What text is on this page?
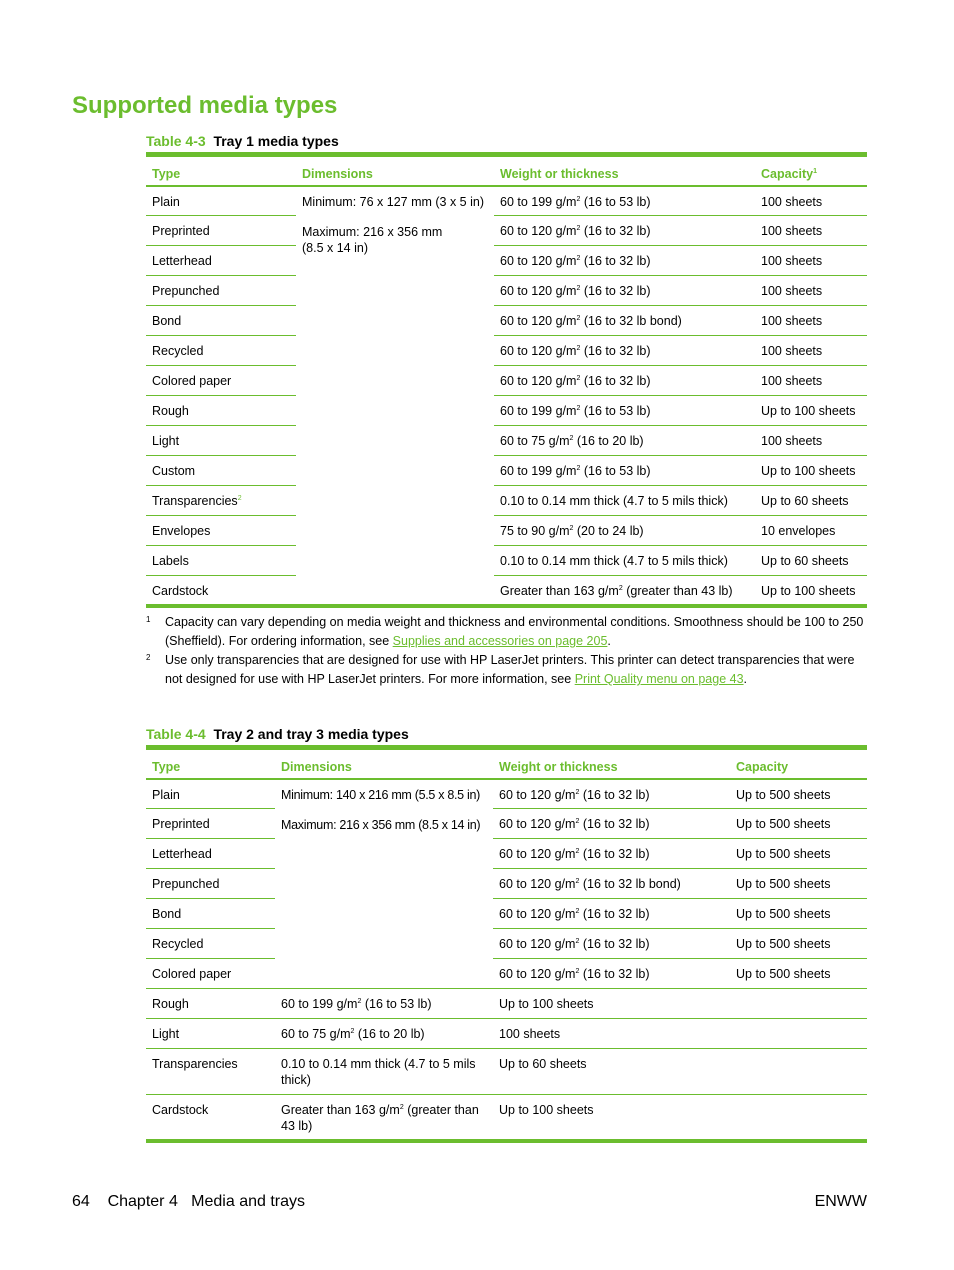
Supported media types
Table 4-3 Tray 1 media types
Type	Dimensions	Weight or thickness	Capacity$^1$
Plain	Minimum: 76 x 127 mm (3 x 5 in)
Maximum: 216 x 356 mm
(8.5 x 14 in)	60 to 199 $g/m^2$ (16 to 53 lb)	100 sheets
Preprinted		60 to 120 $g/m^2$ (16 to 32 lb)	100 sheets
Letterhead		60 to 120 $g/m^2$ (16 to 32 lb)	100 sheets
Prepunched		60 to 120 $g/m^2$ (16 to 32 lb)	100 sheets
Bond		60 to 120 $g/m^2$ (16 to 32 lb bond)	100 sheets
Recycled		60 to 120 $g/m^2$ (16 to 32 lb)	100 sheets
Colored paper		60 to 120 $g/m^2$ (16 to 32 lb)	100 sheets
Rough		60 to 199 $g/m^2$ (16 to 53 lb)	Up to 100 sheets
Light		60 to 75 $g/m^2$ (16 to 20 lb)	100 sheets
Custom		60 to 199 $g/m^2$ (16 to 53 lb)	Up to 100 sheets
Transparencies$^2$		0.10 to 0.14 mm thick (4.7 to 5 mils thick)	Up to 60 sheets
Envelopes		75 to 90 $g/m^2$ (20 to 24 lb)	10 envelopes
Labels		0.10 to 0.14 mm thick (4.7 to 5 mils thick)	Up to 60 sheets
Cardstock		Greater than 163 $g/m^2$ (greater than 43 lb)	Up to 100 sheets
1 Capacity can vary depending on media weight and thickness and environmental conditions. Smoothness should be 100 to 250 (Sheffield). For ordering information, see Supplies and accessories on page 205.
2 Use only transparencies that are designed for use with HP LaserJet printers. This printer can detect transparencies that were not designed for use with HP LaserJet printers. For more information, see Print Quality menu on page 43.
Table 4-4 Tray 2 and tray 3 media types
Type	Dimensions	Weight or thickness	Capacity
Plain	Minimum: 140 x 216 mm (5.5 x 8.5 in)
Maximum: 216 x 356 mm (8.5 x 14 in)	60 to 120 $g/m^2$ (16 to 32 lb)	Up to 500 sheets
Preprinted		60 to 120 $g/m^2$ (16 to 32 lb)	Up to 500 sheets
Letterhead		60 to 120 $g/m^2$ (16 to 32 lb)	Up to 500 sheets
Prepunched		60 to 120 $g/m^2$ (16 to 32 lb bond)	Up to 500 sheets
Bond		60 to 120 $g/m^2$ (16 to 32 lb)	Up to 500 sheets
Recycled		60 to 120 $g/m^2$ (16 to 32 lb)	Up to 500 sheets
Colored paper		60 to 120 $g/m^2$ (16 to 32 lb)	Up to 500 sheets
Rough	60 to 199 $g/m^2$ (16 to 53 lb)	Up to 100 sheets	
Light	60 to 75 $g/m^2$ (16 to 20 lb)	100 sheets	
Transparencies	0.10 to 0.14 mm thick (4.7 to 5 mils thick)	Up to 60 sheets	
Cardstock	Greater than 163 $g/m^2$ (greater than 43 lb)	Up to 100 sheets	
64 Chapter 4   Media and trays	ENWW
